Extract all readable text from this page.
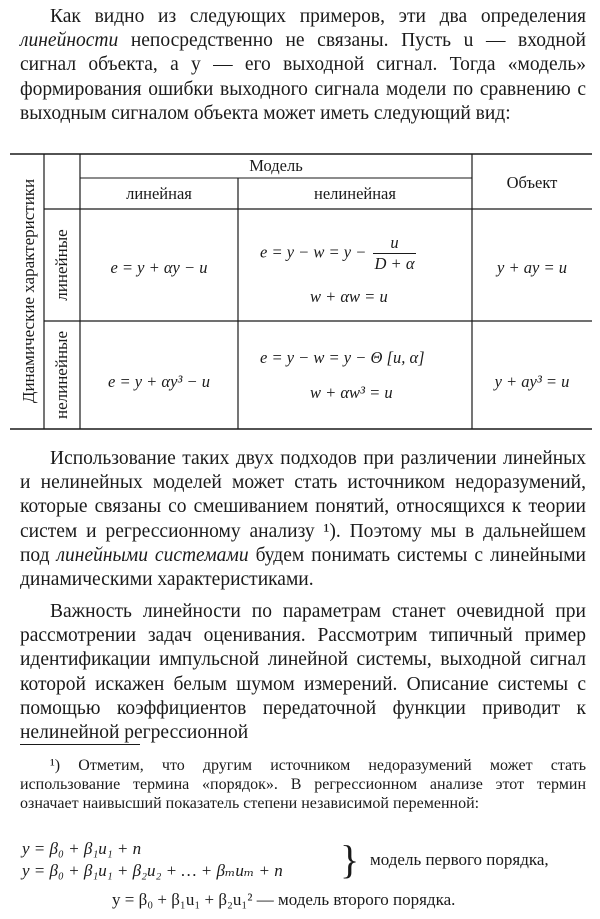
Как видно из следующих примеров, эти два определения линейности непосредственно не связаны. Пусть u — входной сигнал объекта, а y — его выходной сигнал. Тогда «модель» формирования ошибки выходного сигнала модели по сравнению с выходным сигналом объекта может иметь следующий вид:

Динамические характеристики
Модель
линейная	нелинейная
Объект
линейные
нелинейные
e = y + αy − u
$e = y - w = y - \frac{u}{D + \alpha}$
w + αw = u
y + ay = u
e = y + αy³ − u
e = y − w = y − Θ [u, α]
w + αw³ = u
y + ay³ = u

Использование таких двух подходов при различении линейных и нелинейных моделей может стать источником недоразумений, которые связаны со смешиванием понятий, относящихся к теории систем и регрессионному анализу ¹). Поэтому мы в дальнейшем под линейными системами будем понимать системы с линейными динамическими характеристиками.

Важность линейности по параметрам станет очевидной при рассмотрении задач оценивания. Рассмотрим типичный пример идентификации импульсной линейной системы, выходной сигнал которой искажен белым шумом измерений. Описание системы с помощью коэффициентов передаточной функции приводит к нелинейной регрессионной

¹) Отметим, что другим источником недоразумений может стать использование термина «порядок». В регрессионном анализе этот термин означает наивысший показатель степени независимой переменной:

y = β₀ + β₁u₁ + n
y = β₀ + β₁u₁ + β₂u₂ + … + βₘuₘ + n } модель первого порядка,
y = β₀ + β₁u₁ + β₂u₁² — модель второго порядка.
